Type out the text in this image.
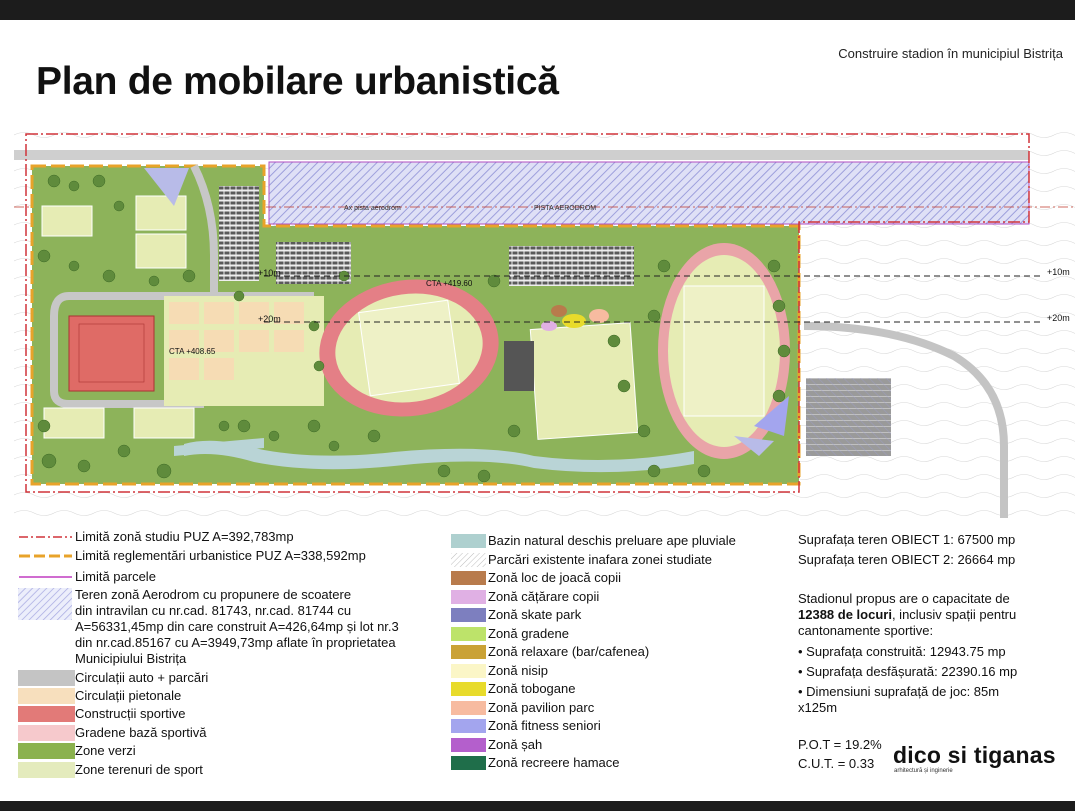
Construire stadion în municipiul Bistrița
Plan de mobilare urbanistică
Ax pista aerodrom	PISTA AERODROM
+10m
+20m
+10m
+20m
CTA +408.65
CTA +419.60
Limită zonă studiu PUZ A=392,783mp
Limită reglementări urbanistice PUZ A=338,592mp
Limită parcele
Teren zonă Aerodrom cu propunere de scoatere
din intravilan cu nr.cad. 81743, nr.cad. 81744 cu
A=56331,45mp din care construit A=426,64mp și lot nr.3
din nr.cad.85167 cu A=3949,73mp aflate în proprietatea
Municipiului Bistrița
Circulații auto + parcări
Circulații pietonale
Construcții sportive
Gradene bază sportivă
Zone verzi
Zone terenuri de sport
Bazin natural deschis preluare ape pluviale
Parcări existente inafara zonei studiate
Zonă loc de joacă copii
Zonă cățărare copii
Zonă skate park
Zonă gradene
Zonă relaxare (bar/cafenea)
Zonă nisip
Zonă tobogane
Zonă pavilion parc
Zonă fitness seniori
Zonă șah
Zonă recreere hamace
Suprafața teren OBIECT 1: 67500 mp
Suprafața teren OBIECT 2: 26664 mp
Stadionul propus are o capacitate de
12388 de locuri, inclusiv spații pentru
cantonamente sportive:
• Suprafața construită: 12943.75 mp
• Suprafața desfășurată: 22390.16 mp
• Dimensiuni suprafață de joc: 85m
x125m
P.O.T = 19.2%
C.U.T. = 0.33 dico si tiganas
arhitectură și inginerie
